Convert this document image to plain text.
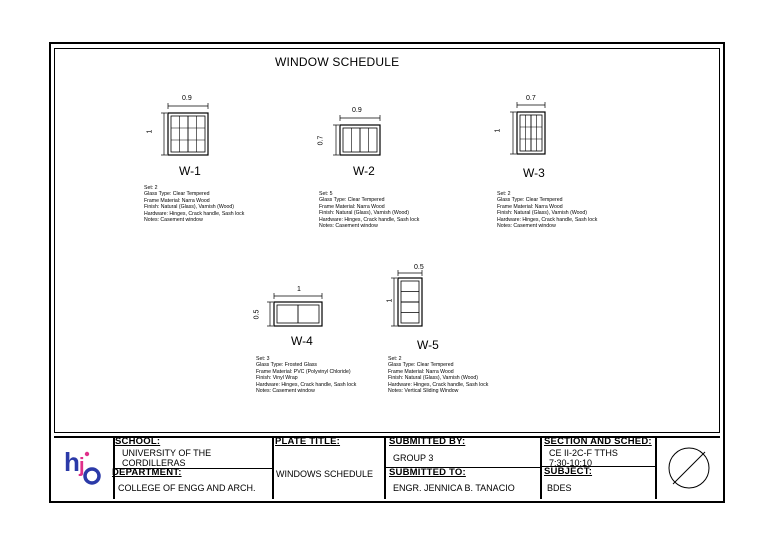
WINDOW SCHEDULE
0.9
1
W-1
Set: 2
Glass Type: Clear Tempered
Frame Material: Narra Wood
Finish: Natural (Glass), Varnish (Wood)
Hardware: Hinges, Crack handle, Sash lock
Notes: Casement window
0.9
0.7
W-2
Set: 5
Glass Type: Clear Tempered
Frame Material: Narra Wood
Finish: Natural (Glass), Varnish (Wood)
Hardware: Hinges, Crack handle, Sash lock
Notes: Casement window
0.7
1
W-3
Set: 2
Glass Type: Clear Tempered
Frame Material: Narra Wood
Finish: Natural (Glass), Varnish (Wood)
Hardware: Hinges, Crack handle, Sash lock
Notes: Casement window
1
0.5
W-4
Set: 3
Glass Type: Frosted Glass
Frame Material: PVC (Polyvinyl Chloride)
Finish: Vinyl Wrap
Hardware: Hinges, Crack handle, Sash lock
Notes: Casement window
0.5
1
W-5
Set: 2
Glass Type: Clear Tempered
Frame Material: Narra Wood
Finish: Natural (Glass), Varnish (Wood)
Hardware: Hinges, Crack handle, Sash lock
Notes: Vertical Sliding Window
h j
SCHOOL:
UNIVERSITY OF THE CORDILLERAS
DEPARTMENT:
COLLEGE OF ENGG AND ARCH.
PLATE TITLE:
WINDOWS SCHEDULE
SUBMITTED BY:
GROUP 3
SUBMITTED TO:
ENGR. JENNICA B. TANACIO
SECTION AND SCHED:
CE II-2C-F TTHS
7:30-10:10
SUBJECT:
BDES
